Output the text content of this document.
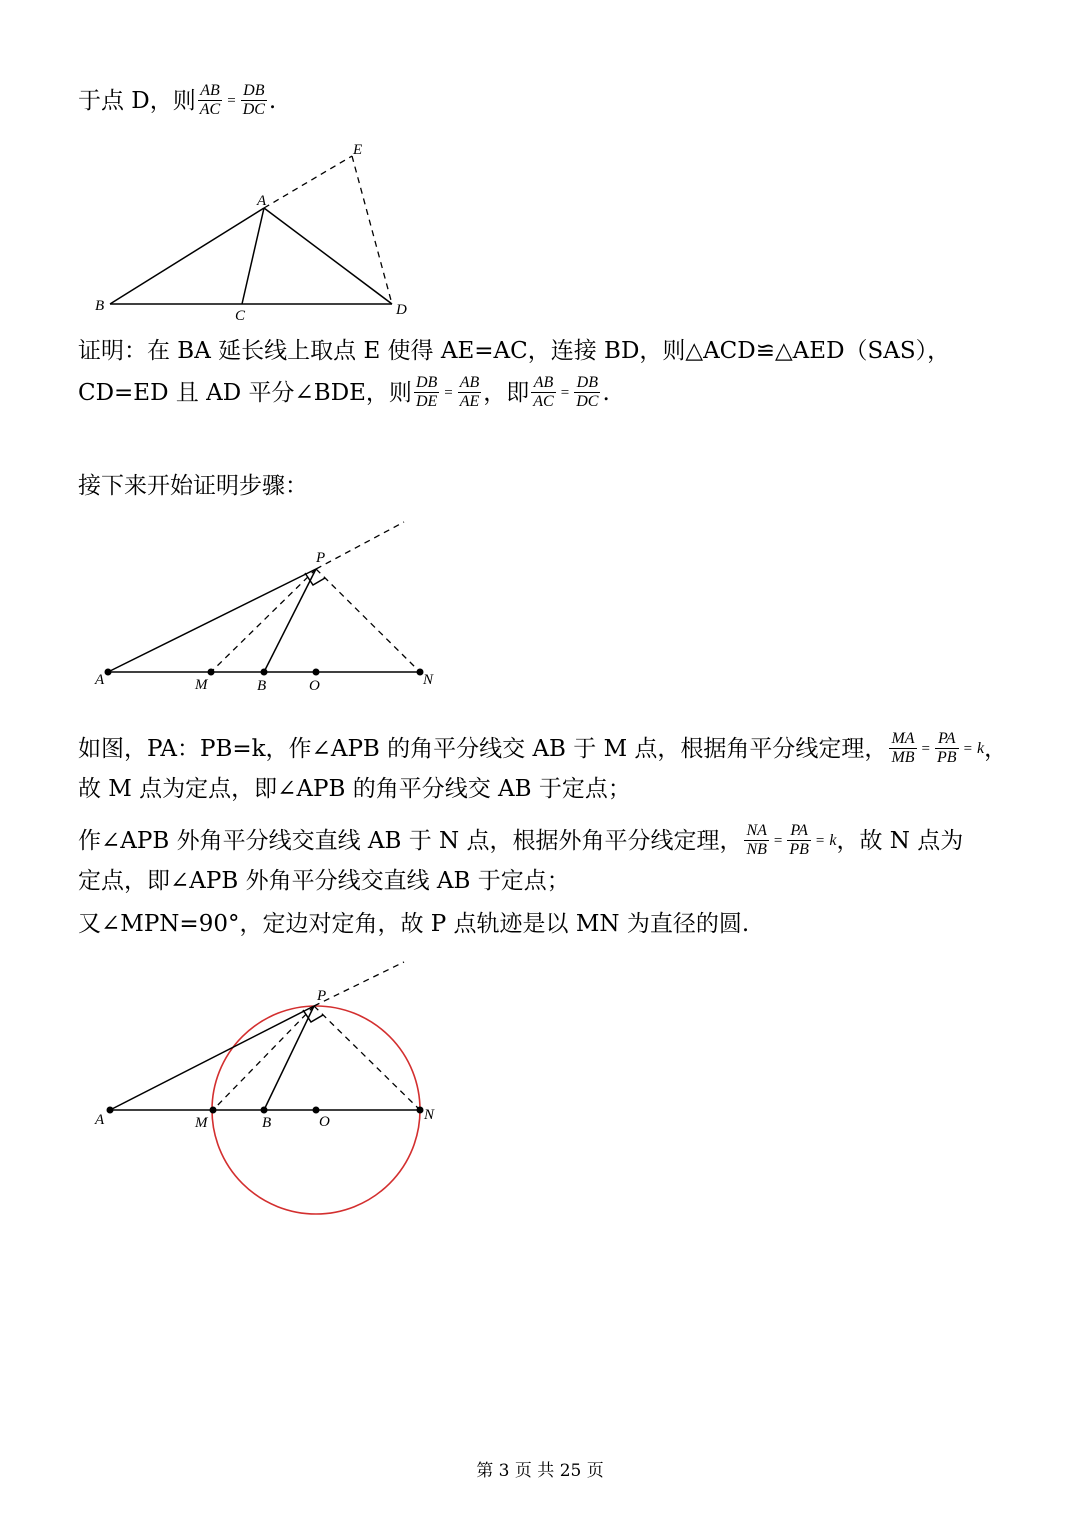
于点 D，则 $\frac{AB}{AC} = \frac{DB}{DC}$ .
E
A
B
C	D
证明：在 BA 延长线上取点 E 使得 AE=AC，连接 BD，则△ACD≌△AED（SAS），
CD=ED 且 AD 平分∠BDE，则 $\frac{DB}{DE} = \frac{AB}{AE}$ ，即 $\frac{AB}{AC} = \frac{DB}{DC}$ .
接下来开始证明步骤：
P
A	M	B	O	N
如图，PA：PB=k，作∠APB 的角平分线交 AB 于 M 点，根据角平分线定理， $\frac{MA}{MB} = \frac{PA}{PB} = k$ ，
故 M 点为定点，即∠APB 的角平分线交 AB 于定点；
作∠APB 外角平分线交直线 AB 于 N 点，根据外角平分线定理， $\frac{NA}{NB} = \frac{PA}{PB} = k$ ，故 N 点为
定点，即∠APB 外角平分线交直线 AB 于定点；
又∠MPN=90°，定边对定角，故 P 点轨迹是以 MN 为直径的圆.
P
A	M	B	O	N
第 3 页 共 25 页
